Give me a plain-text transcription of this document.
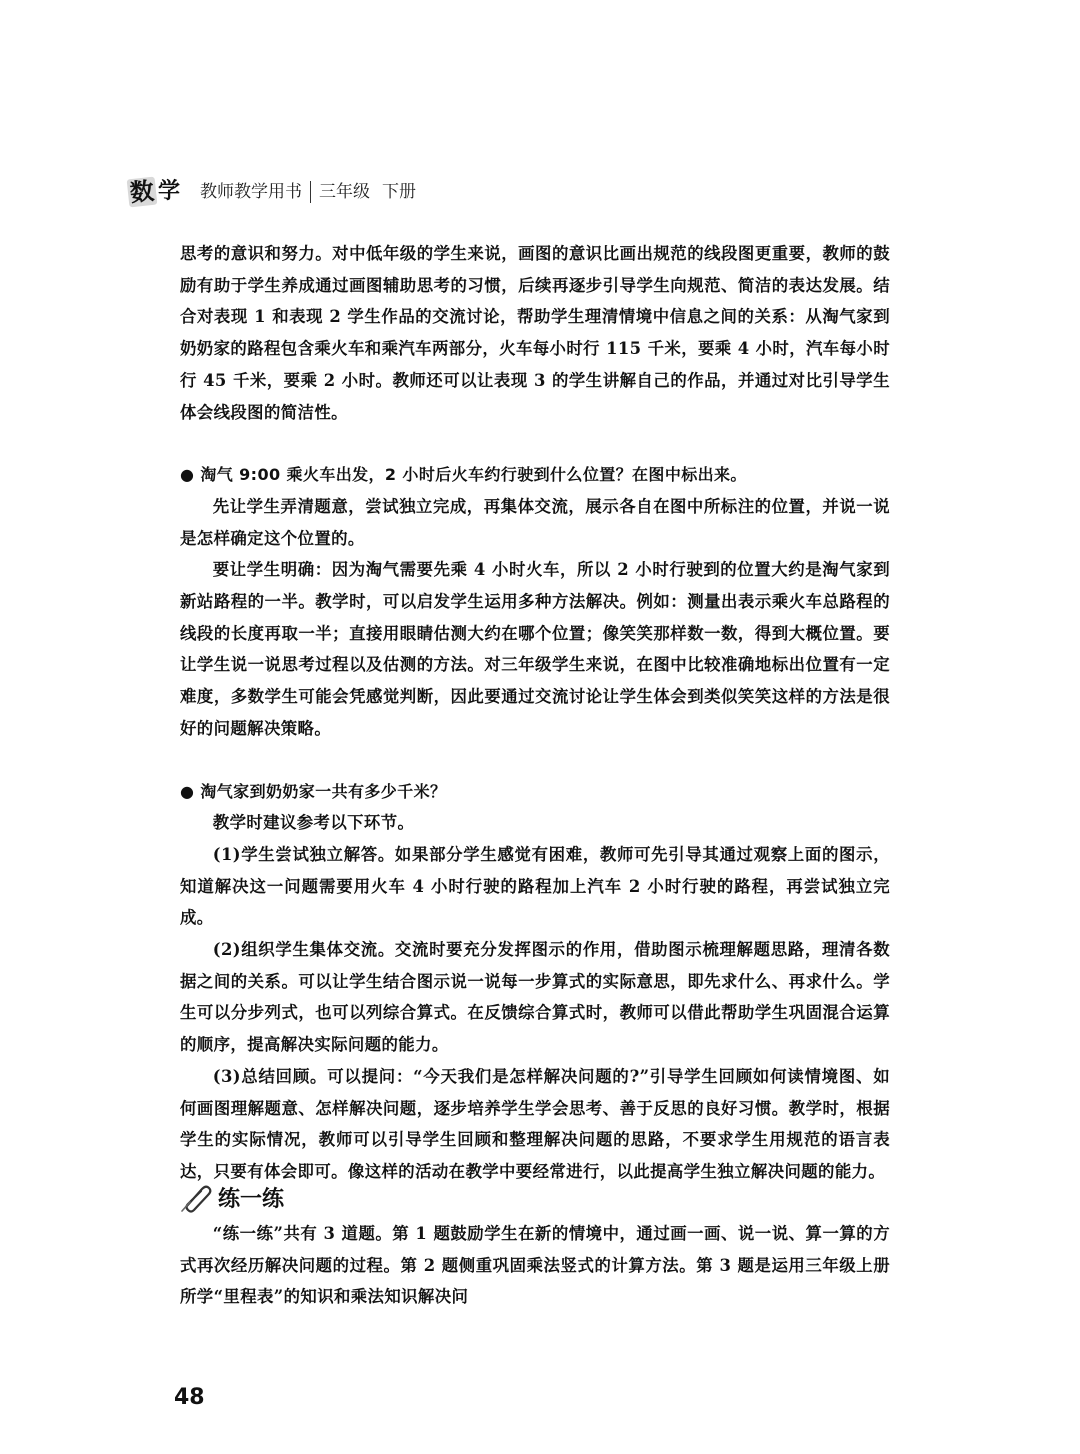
数 学	教师教学用书	三年级 下册

思考的意识和努力。对中低年级的学生来说，画图的意识比画出规范的线段图更重要，教师的鼓励有助于学生养成通过画图辅助思考的习惯，后续再逐步引导学生向规范、简洁的表达发展。结合对表现 1 和表现 2 学生作品的交流讨论，帮助学生理清情境中信息之间的关系：从淘气家到奶奶家的路程包含乘火车和乘汽车两部分，火车每小时行 115 千米，要乘 4 小时，汽车每小时行 45 千米，要乘 2 小时。教师还可以让表现 3 的学生讲解自己的作品，并通过对比引导学生体会线段图的简洁性。

● 淘气 9:00 乘火车出发，2 小时后火车约行驶到什么位置？在图中标出来。

先让学生弄清题意，尝试独立完成，再集体交流，展示各自在图中所标注的位置，并说一说是怎样确定这个位置的。

要让学生明确：因为淘气需要先乘 4 小时火车，所以 2 小时行驶到的位置大约是淘气家到新站路程的一半。教学时，可以启发学生运用多种方法解决。例如：测量出表示乘火车总路程的线段的长度再取一半；直接用眼睛估测大约在哪个位置；像笑笑那样数一数，得到大概位置。要让学生说一说思考过程以及估测的方法。对三年级学生来说，在图中比较准确地标出位置有一定难度，多数学生可能会凭感觉判断，因此要通过交流讨论让学生体会到类似笑笑这样的方法是很好的问题解决策略。

● 淘气家到奶奶家一共有多少千米？

教学时建议参考以下环节。

(1)学生尝试独立解答。如果部分学生感觉有困难，教师可先引导其通过观察上面的图示，知道解决这一问题需要用火车 4 小时行驶的路程加上汽车 2 小时行驶的路程，再尝试独立完成。

(2)组织学生集体交流。交流时要充分发挥图示的作用，借助图示梳理解题思路，理清各数据之间的关系。可以让学生结合图示说一说每一步算式的实际意思，即先求什么、再求什么。学生可以分步列式，也可以列综合算式。在反馈综合算式时，教师可以借此帮助学生巩固混合运算的顺序，提高解决实际问题的能力。

(3)总结回顾。可以提问：“今天我们是怎样解决问题的?”引导学生回顾如何读情境图、如何画图理解题意、怎样解决问题，逐步培养学生学会思考、善于反思的良好习惯。教学时，根据学生的实际情况，教师可以引导学生回顾和整理解决问题的思路，不要求学生用规范的语言表达，只要有体会即可。像这样的活动在教学中要经常进行，以此提高学生独立解决问题的能力。

练一练

“练一练”共有 3 道题。第 1 题鼓励学生在新的情境中，通过画一画、说一说、算一算的方式再次经历解决问题的过程。第 2 题侧重巩固乘法竖式的计算方法。第 3 题是运用三年级上册所学“里程表”的知识和乘法知识解决问

48
